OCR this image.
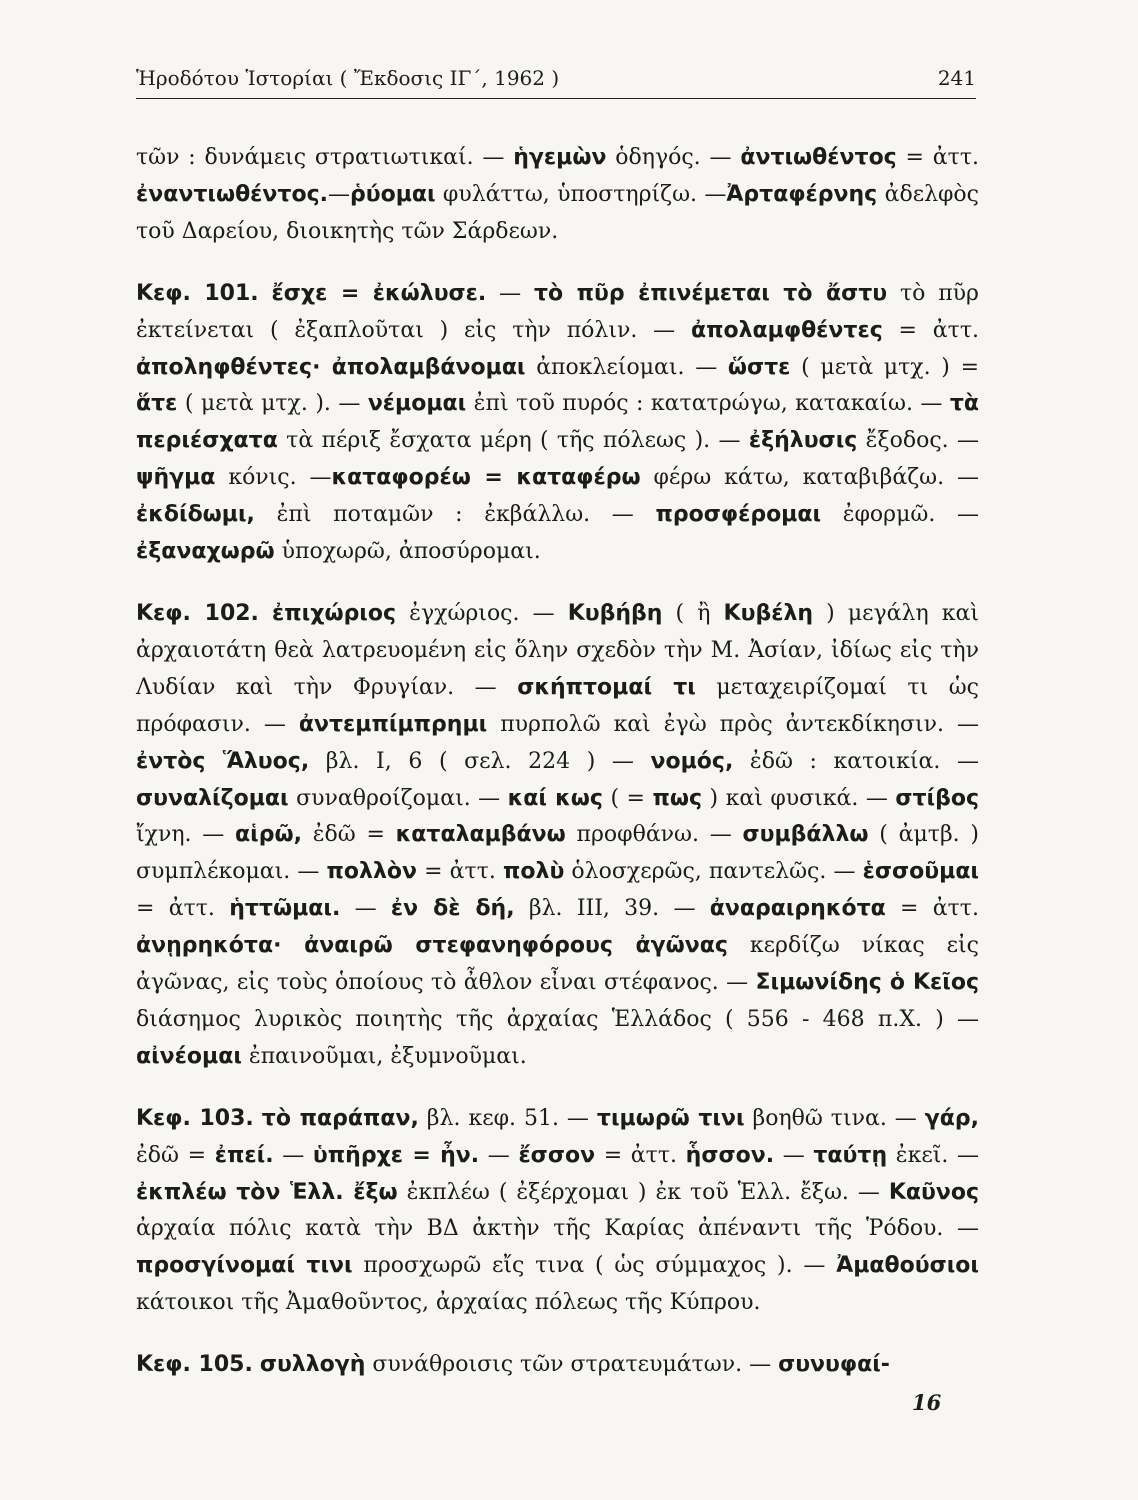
Ἡροδότου Ἱστορίαι ( Ἔκδοσις ΙΓ΄, 1962 )	241

τῶν : δυνάμεις στρατιωτικαί. — ἡγεμὼν ὁδηγός. — ἀντιωθέντος = ἀττ. ἐναντιωθέντος.—ῥύομαι φυλάττω, ὑποστηρίζω. —Ἀρταφέρνης ἀδελφὸς τοῦ Δαρείου, διοικητὴς τῶν Σάρδεων.

Κεφ. 101. ἔσχε = ἐκώλυσε. — τὸ πῦρ ἐπινέμεται τὸ ἄστυ τὸ πῦρ ἐκτείνεται ( ἐξαπλοῦται ) εἰς τὴν πόλιν. — ἀπολαμφθέντες = ἀττ. ἀποληφθέντες· ἀπολαμβάνομαι ἀποκλείομαι. — ὥστε ( μετὰ μτχ. ) = ἅτε ( μετὰ μτχ. ). — νέμομαι ἐπὶ τοῦ πυρός : κατατρώγω, κατακαίω. — τὰ περιέσχατα τὰ πέριξ ἔσχατα μέρη ( τῆς πόλεως ). — ἐξήλυσις ἔξοδος. — ψῆγμα κόνις. —καταφορέω = καταφέρω φέρω κάτω, καταβιβάζω. — ἐκδίδωμι, ἐπὶ ποταμῶν : ἐκβάλλω. — προσφέρομαι ἐφορμῶ. — ἐξαναχωρῶ ὑποχωρῶ, ἀποσύρομαι.

Κεφ. 102. ἐπιχώριος ἐγχώριος. — Κυβήβη ( ἢ Κυβέλη ) μεγάλη καὶ ἀρχαιοτάτη θεὰ λατρευομένη εἰς ὅλην σχεδὸν τὴν Μ. Ἀσίαν, ἰδίως εἰς τὴν Λυδίαν καὶ τὴν Φρυγίαν. — σκήπτομαί τι μεταχειρίζομαί τι ὡς πρόφασιν. — ἀντεμπίμπρημι πυρπολῶ καὶ ἐγὼ πρὸς ἀντεκδίκησιν. — ἐντὸς Ἅλυος, βλ. Ι, 6 ( σελ. 224 ) — νομός, ἐδῶ : κατοικία. — συναλίζομαι συναθροίζομαι. — καί κως ( = πως ) καὶ φυσικά. — στίβος ἴχνη. — αἱρῶ, ἐδῶ = καταλαμβάνω προφθάνω. — συμβάλλω ( ἀμτβ. ) συμπλέκομαι. — πολλὸν = ἀττ. πολὺ ὁλοσχερῶς, παντελῶς. — ἑσσοῦμαι = ἀττ. ἡττῶμαι. — ἐν δὲ δή, βλ. ΙΙΙ, 39. — ἀναραιρηκότα = ἀττ. ἀνῃρηκότα· ἀναιρῶ στεφανηφόρους ἀγῶνας κερδίζω νίκας εἰς ἀγῶνας, εἰς τοὺς ὁποίους τὸ ἆθλον εἶναι στέφανος. — Σιμωνίδης ὁ Κεῖος διάσημος λυρικὸς ποιητὴς τῆς ἀρχαίας Ἑλλάδος ( 556 - 468 π.Χ. ) — αἰνέομαι ἐπαινοῦμαι, ἐξυμνοῦμαι.

Κεφ. 103. τὸ παράπαν, βλ. κεφ. 51. — τιμωρῶ τινι βοηθῶ τινα. — γάρ, ἐδῶ = ἐπεί. — ὑπῆρχε = ἦν. — ἔσσον = ἀττ. ἧσσον. — ταύτῃ ἐκεῖ. — ἐκπλέω τὸν Ἑλλ. ἔξω ἐκπλέω ( ἐξέρχομαι ) ἐκ τοῦ Ἑλλ. ἔξω. — Καῦνος ἀρχαία πόλις κατὰ τὴν ΒΔ ἀκτὴν τῆς Καρίας ἀπέναντι τῆς Ῥόδου. — προσγίνομαί τινι προσχωρῶ εἴς τινα ( ὡς σύμμαχος ). — Ἀμαθούσιοι κάτοικοι τῆς Ἀμαθοῦντος, ἀρχαίας πόλεως τῆς Κύπρου.

Κεφ. 105. συλλογὴ συνάθροισις τῶν στρατευμάτων. — συνυφαί-

16
